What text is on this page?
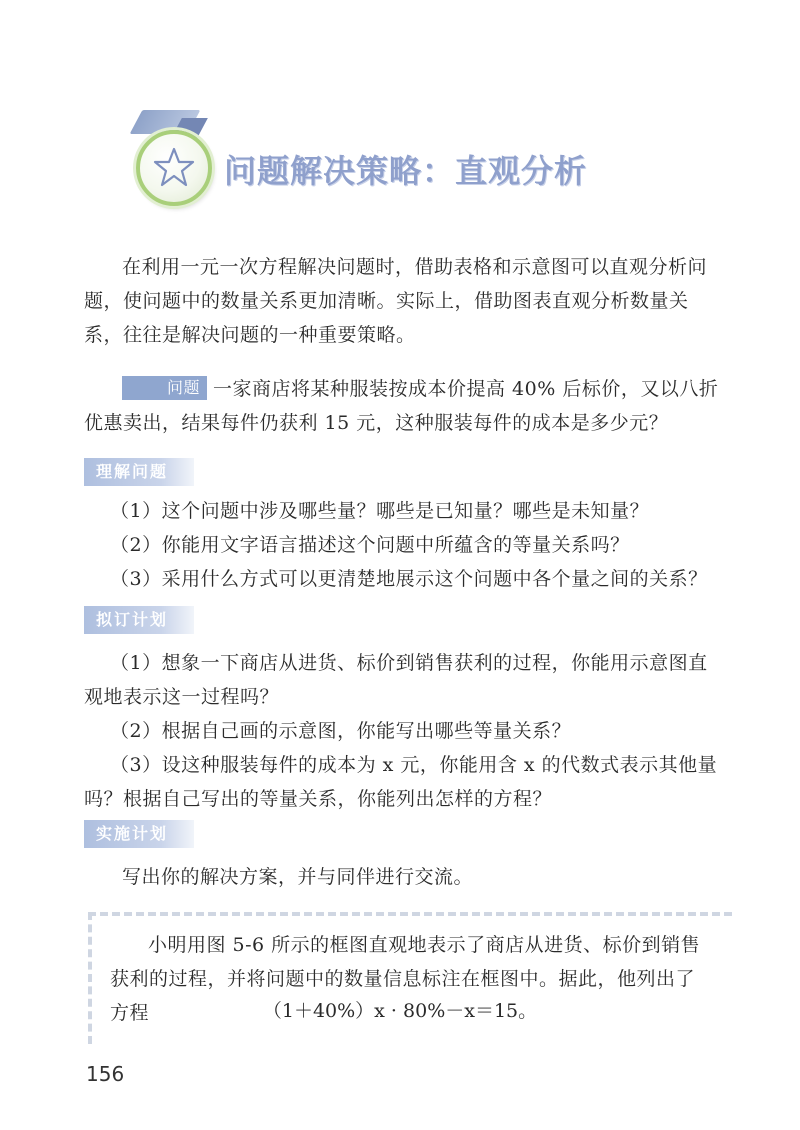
问题解决策略：直观分析

在利用一元一次方程解决问题时，借助表格和示意图可以直观分析问题，使问题中的数量关系更加清晰。实际上，借助图表直观分析数量关系，往往是解决问题的一种重要策略。

问题 一家商店将某种服装按成本价提高 40% 后标价，又以八折优惠卖出，结果每件仍获利 15 元，这种服装每件的成本是多少元？

理解问题

（1）这个问题中涉及哪些量？哪些是已知量？哪些是未知量？

（2）你能用文字语言描述这个问题中所蕴含的等量关系吗？

（3）采用什么方式可以更清楚地展示这个问题中各个量之间的关系？

拟订计划

（1）想象一下商店从进货、标价到销售获利的过程，你能用示意图直观地表示这一过程吗？

（2）根据自己画的示意图，你能写出哪些等量关系？

（3）设这种服装每件的成本为 x 元，你能用含 x 的代数式表示其他量吗？根据自己写出的等量关系，你能列出怎样的方程？

实施计划

写出你的解决方案，并与同伴进行交流。

小明用图 5-6 所示的框图直观地表示了商店从进货、标价到销售获利的过程，并将问题中的数量信息标注在框图中。据此，他列出了方程	（1＋40%）x · 80%－x＝15。
156
